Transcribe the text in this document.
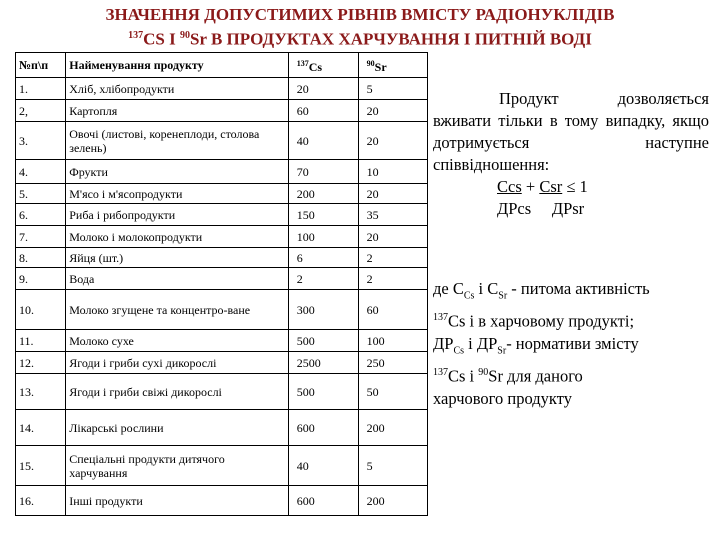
ЗНАЧЕННЯ ДОПУСТИМИХ РІВНІВ ВМІСТУ РАДІОНУКЛІДІВ
$^{137}$CS І $^{90}$Sr В ПРОДУКТАХ ХАРЧУВАННЯ І ПИТНІЙ ВОДІ
№п\п	Найменування продукту	$^{137}$Cs	$^{90}$Sr
1.	Хліб, хлібопродукти	20	5
2,	Картопля	60	20
3.	Овочі (листові, коренеплоди, столова зелень)	40	20
4.	Фрукти	70	10
5.	М'ясо і м'ясопродукти	200	20
6.	Риба і рибопродукти	150	35
7.	Молоко і молокопродукти	100	20
8.	Яйця (шт.)	6	2
9.	Вода	2	2
10.	Молоко згущене та концентро-ване	300	60
11.	Молоко сухе	500	100
12.	Ягоди і гриби сухі дикорослі	2500	250
13.	Ягоди і гриби свіжі дикорослі	500	50
14.	Лікарські рослини	600	200
15.	Спеціальні продукти дитячого харчування	40	5
16.	Інші продукти	600	200

Продукт дозволяється вживати тільки в тому випадку, якщо дотримується наступне співвідношення:

Ccs + Csr ≤ 1
ДPcs ДPsr
де $C_{Cs}$ і $C_{Sr}$ - питома активність
$^{137}$Cs і в харчовому продукті;
$ДP_{Cs}$ і $ДP_{Sr}-$ нормативи змісту
$^{137}$Cs і $^{90}$Sr для даного
харчового продукту
